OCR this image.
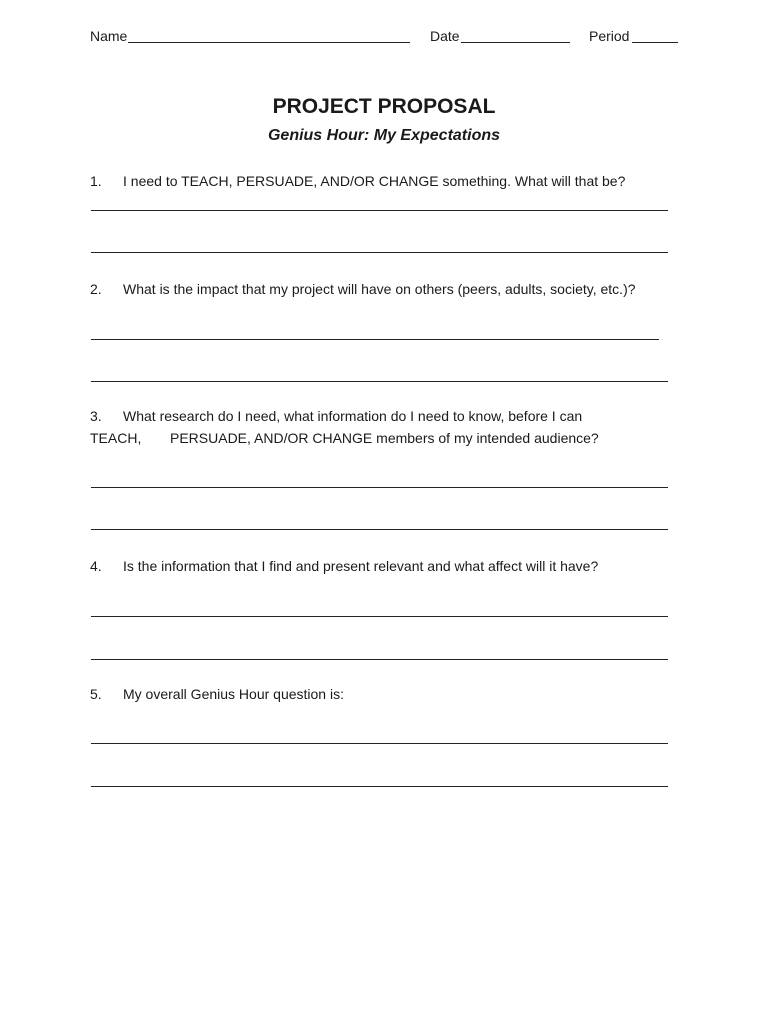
Name	Date	Period
PROJECT PROPOSAL
Genius Hour: My Expectations
1. I need to TEACH, PERSUADE, AND/OR CHANGE something. What will that be?
2. What is the impact that my project will have on others (peers, adults, society, etc.)?
3. What research do I need, what information do I need to know, before I can
TEACH, PERSUADE, AND/OR CHANGE members of my intended audience?
4. Is the information that I find and present relevant and what affect will it have?
5. My overall Genius Hour question is:
